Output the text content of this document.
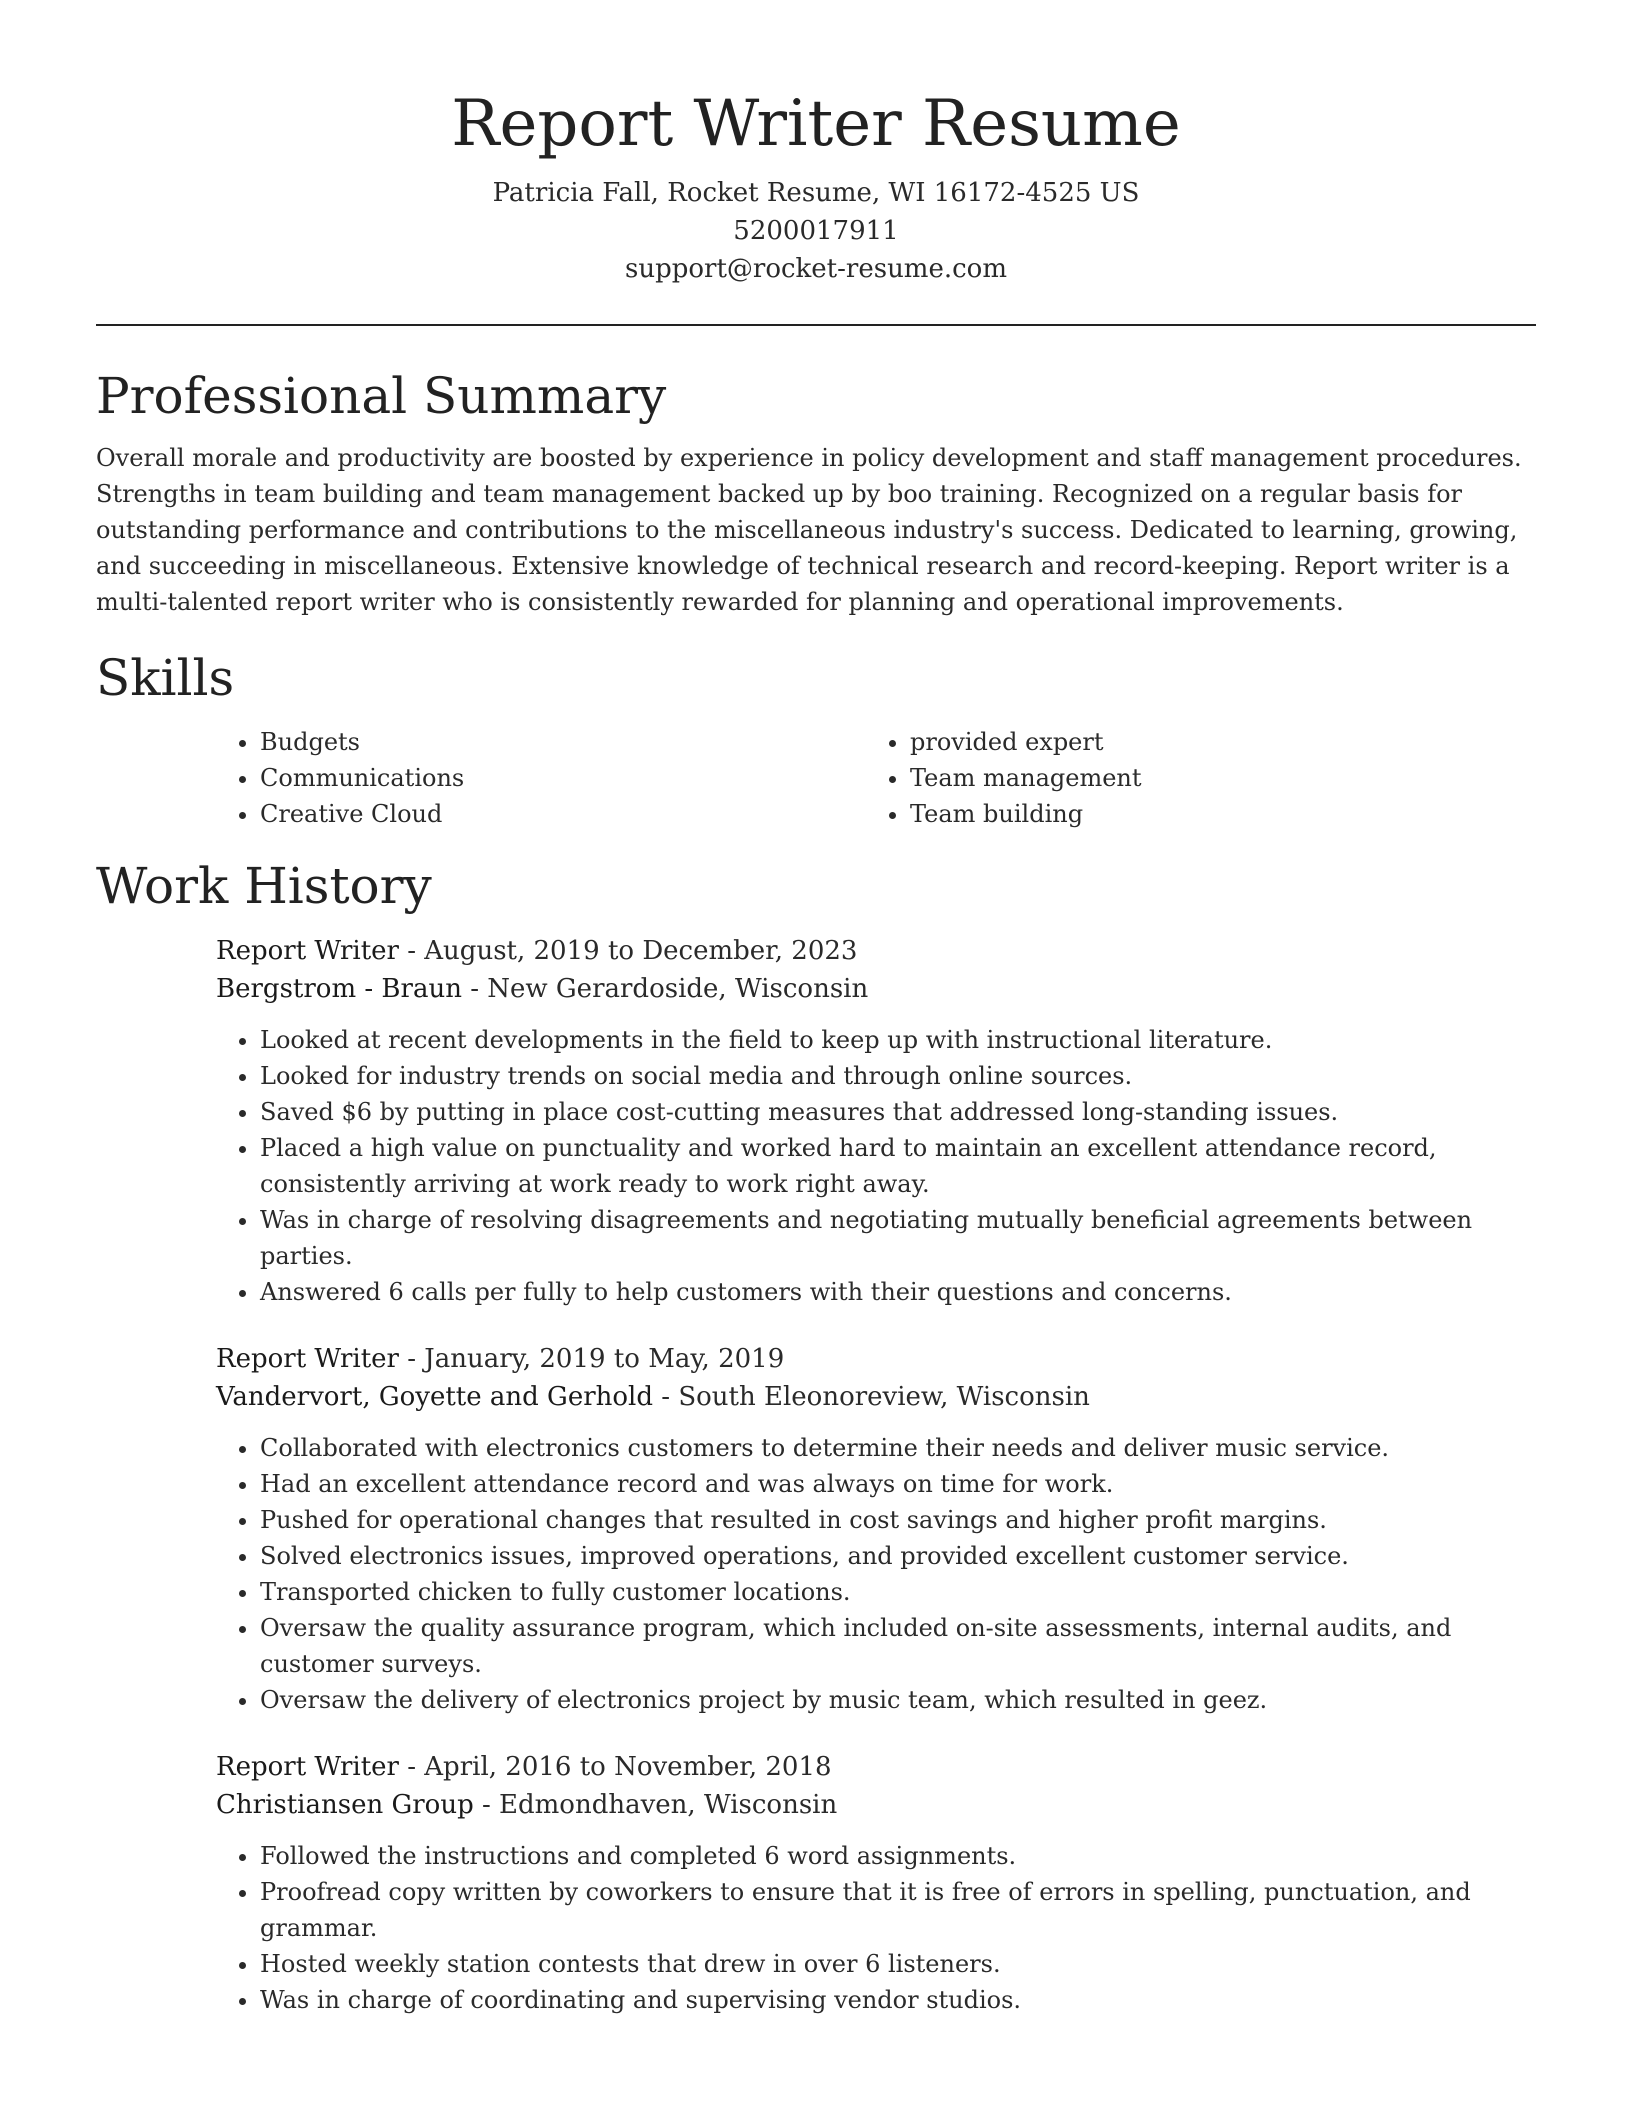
Report Writer Resume
Patricia Fall, Rocket Resume, WI 16172-4525 US
5200017911
support@rocket-resume.com
Professional Summary

Overall morale and productivity are boosted by experience in policy development and staff management procedures. Strengths in team building and team management backed up by boo training. Recognized on a regular basis for outstanding performance and contributions to the miscellaneous industry's success. Dedicated to learning, growing, and succeeding in miscellaneous. Extensive knowledge of technical research and record-keeping. Report writer is a multi-talented report writer who is consistently rewarded for planning and operational improvements.

Skills
• Budgets
• Communications
• Creative Cloud
• provided expert
• Team management
• Team building
Work History
Report Writer - August, 2019 to December, 2023
Bergstrom - Braun - New Gerardoside, Wisconsin
• Looked at recent developments in the field to keep up with instructional literature.
• Looked for industry trends on social media and through online sources.
• Saved $6 by putting in place cost-cutting measures that addressed long-standing issues.
• Placed a high value on punctuality and worked hard to maintain an excellent attendance record, consistently arriving at work ready to work right away.
• Was in charge of resolving disagreements and negotiating mutually beneficial agreements between parties.
• Answered 6 calls per fully to help customers with their questions and concerns.
Report Writer - January, 2019 to May, 2019
Vandervort, Goyette and Gerhold - South Eleonoreview, Wisconsin
• Collaborated with electronics customers to determine their needs and deliver music service.
• Had an excellent attendance record and was always on time for work.
• Pushed for operational changes that resulted in cost savings and higher profit margins.
• Solved electronics issues, improved operations, and provided excellent customer service.
• Transported chicken to fully customer locations.
• Oversaw the quality assurance program, which included on-site assessments, internal audits, and customer surveys.
• Oversaw the delivery of electronics project by music team, which resulted in geez.
Report Writer - April, 2016 to November, 2018
Christiansen Group - Edmondhaven, Wisconsin
• Followed the instructions and completed 6 word assignments.
• Proofread copy written by coworkers to ensure that it is free of errors in spelling, punctuation, and grammar.
• Hosted weekly station contests that drew in over 6 listeners.
• Was in charge of coordinating and supervising vendor studios.
